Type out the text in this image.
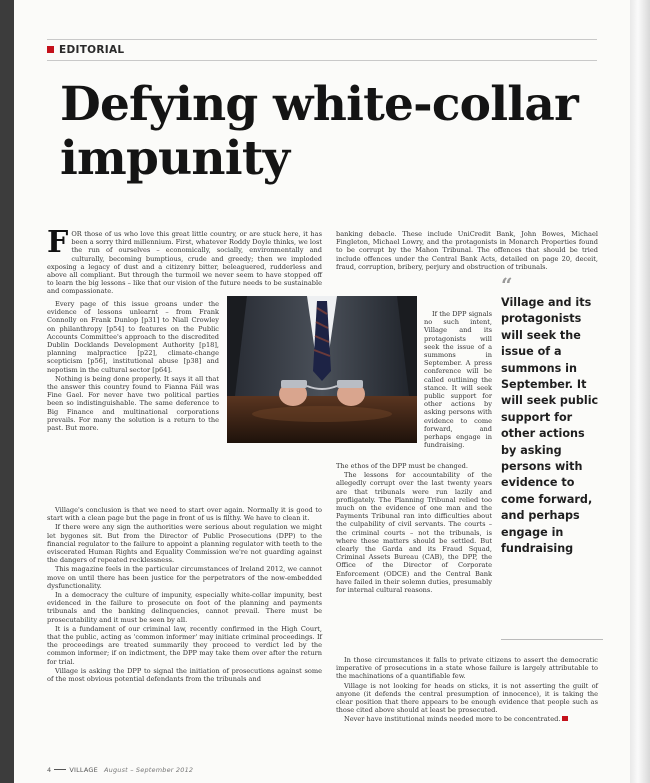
EDITORIAL
Defying white-collar impunity

FOR those of us who love this great little country, or are stuck here, it has been a sorry third millennium. First, whatever Roddy Doyle thinks, we lost the run of ourselves – economically, socially, environmentally and culturally, becoming bumptious, crude and greedy; then we imploded exposing a legacy of dust and a citizenry bitter, beleaguered, rudderless and above all compliant. But through the turmoil we never seem to have stopped off to learn the big lessons – like that our vision of the future needs to be sustainable and compassionate.

Every page of this issue groans under the evidence of lessons unlearnt – from Frank Connolly on Frank Dunlop [p31] to Niall Crowley on philanthropy [p54] to features on the Public Accounts Committee's approach to the discredited Dublin Docklands Development Authority [p18], planning malpractice [p22], climate-change scepticism [p56], institutional abuse [p38] and nepotism in the cultural sector [p64].

Nothing is being done properly. It says it all that the answer this country found to Fianna Fáil was Fine Gael. For never have two political parties been so indistinguishable. The same deference to Big Finance and multinational corporations prevails. For many the solution is a return to the past. But more.

Village's conclusion is that we need to start over again. Normally it is good to start with a clean page but the page in front of us is filthy. We have to clean it.

If there were any sign the authorities were serious about regulation we might let bygones sit. But from the Director of Public Prosecutions (DPP) to the financial regulator to the failure to appoint a planning regulator with teeth to the eviscerated Human Rights and Equality Commission we're not guarding against the dangers of repeated recklessness.

This magazine feels in the particular circumstances of Ireland 2012, we cannot move on until there has been justice for the perpetrators of the now-embedded dysfunctionality.

In a democracy the culture of impunity, especially white-collar impunity, best evidenced in the failure to prosecute on foot of the planning and payments tribunals and the banking delinquencies, cannot prevail. There must be prosecutability and it must be seen by all.

It is a fundament of our criminal law, recently confirmed in the High Court, that the public, acting as 'common informer' may initiate criminal proceedings. If the proceedings are treated summarily they proceed to verdict led by the common informer; if on indictment, the DPP may take them over after the return for trial.

Village is asking the DPP to signal the initiation of prosecutions against some of the most obvious potential defendants from the tribunals and

banking debacle. These include UniCredit Bank, John Bowes, Michael Fingleton, Michael Lowry, and the protagonists in Monarch Properties found to be corrupt by the Mahon Tribunal. The offences that should be tried include offences under the Central Bank Acts, detailed on page 20, deceit, fraud, corruption, bribery, perjury and obstruction of tribunals.

If the DPP signals no such intent, Village and its protagonists will seek the issue of a summons in September. A press conference will be called outlining the stance. It will seek public support for other actions by asking persons with evidence to come forward, and perhaps engage in fundraising.

The ethos of the DPP must be changed.

The lessons for accountability of the allegedly corrupt over the last twenty years are that tribunals were run lazily and profligately. The Planning Tribunal relied too much on the evidence of one man and the Payments Tribunal ran into difficulties about the culpability of civil servants. The courts – the criminal courts – not the tribunals, is where these matters should be settled. But clearly the Garda and its Fraud Squad, Criminal Assets Bureau (CAB), the DPP, the Office of the Director of Corporate Enforcement (ODCE) and the Central Bank have failed in their solemn duties, presumably for internal cultural reasons.

In those circumstances it falls to private citizens to assert the democratic imperative of prosecutions in a state whose failure is largely attributable to the machinations of a quantifiable few.

Village is not looking for heads on sticks, it is not asserting the guilt of anyone (it defends the central presumption of innocence), it is taking the clear position that there appears to be enough evidence that people such as those cited above should at least be prosecuted.

Never have institutional minds needed more to be concentrated.

“
Village and its protagonists will seek the issue of a summons in September. It will seek public support for other actions by asking persons with evidence to come forward, and perhaps engage in fundraising
4	VILLAGE August – September 2012
